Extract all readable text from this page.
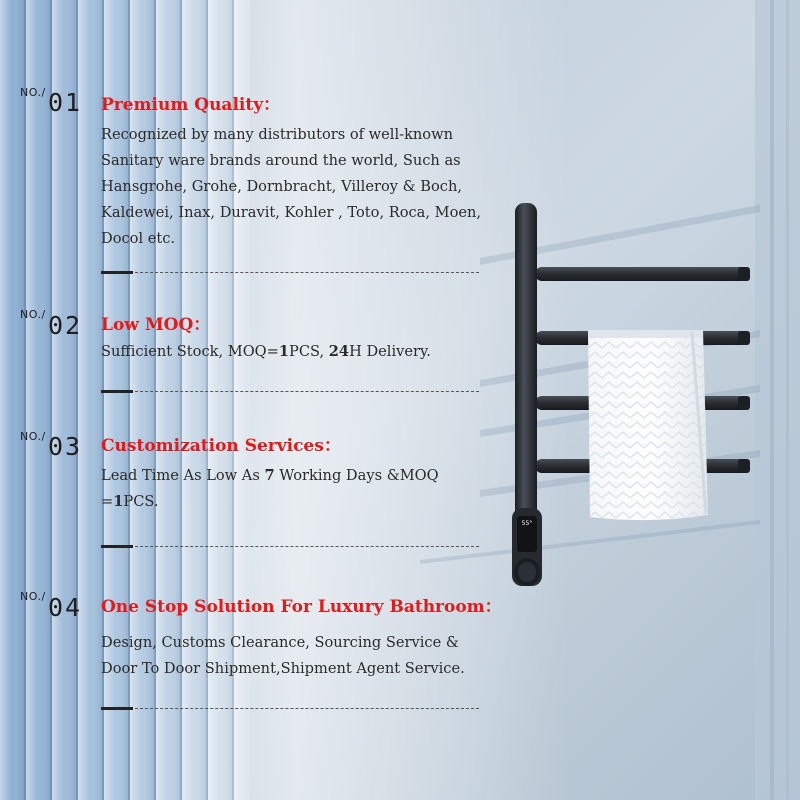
55°
NO./ 01 Premium Quality：
Recognized by many distributors of well-known Sanitary ware brands around the world, Such as Hansgrohe, Grohe, Dornbracht, Villeroy & Boch, Kaldewei, Inax, Duravit, Kohler , Toto, Roca, Moen, Docol etc.
NO./ 02 Low MOQ：
Sufficient Stock, MOQ=1PCS, 24H Delivery.
NO./ 03 Customization Services：
Lead Time As Low As 7 Working Days &MOQ =1PCS.
NO./ 04 One Stop Solution For Luxury Bathroom：
Design, Customs Clearance, Sourcing Service & Door To Door Shipment,Shipment Agent Service.
